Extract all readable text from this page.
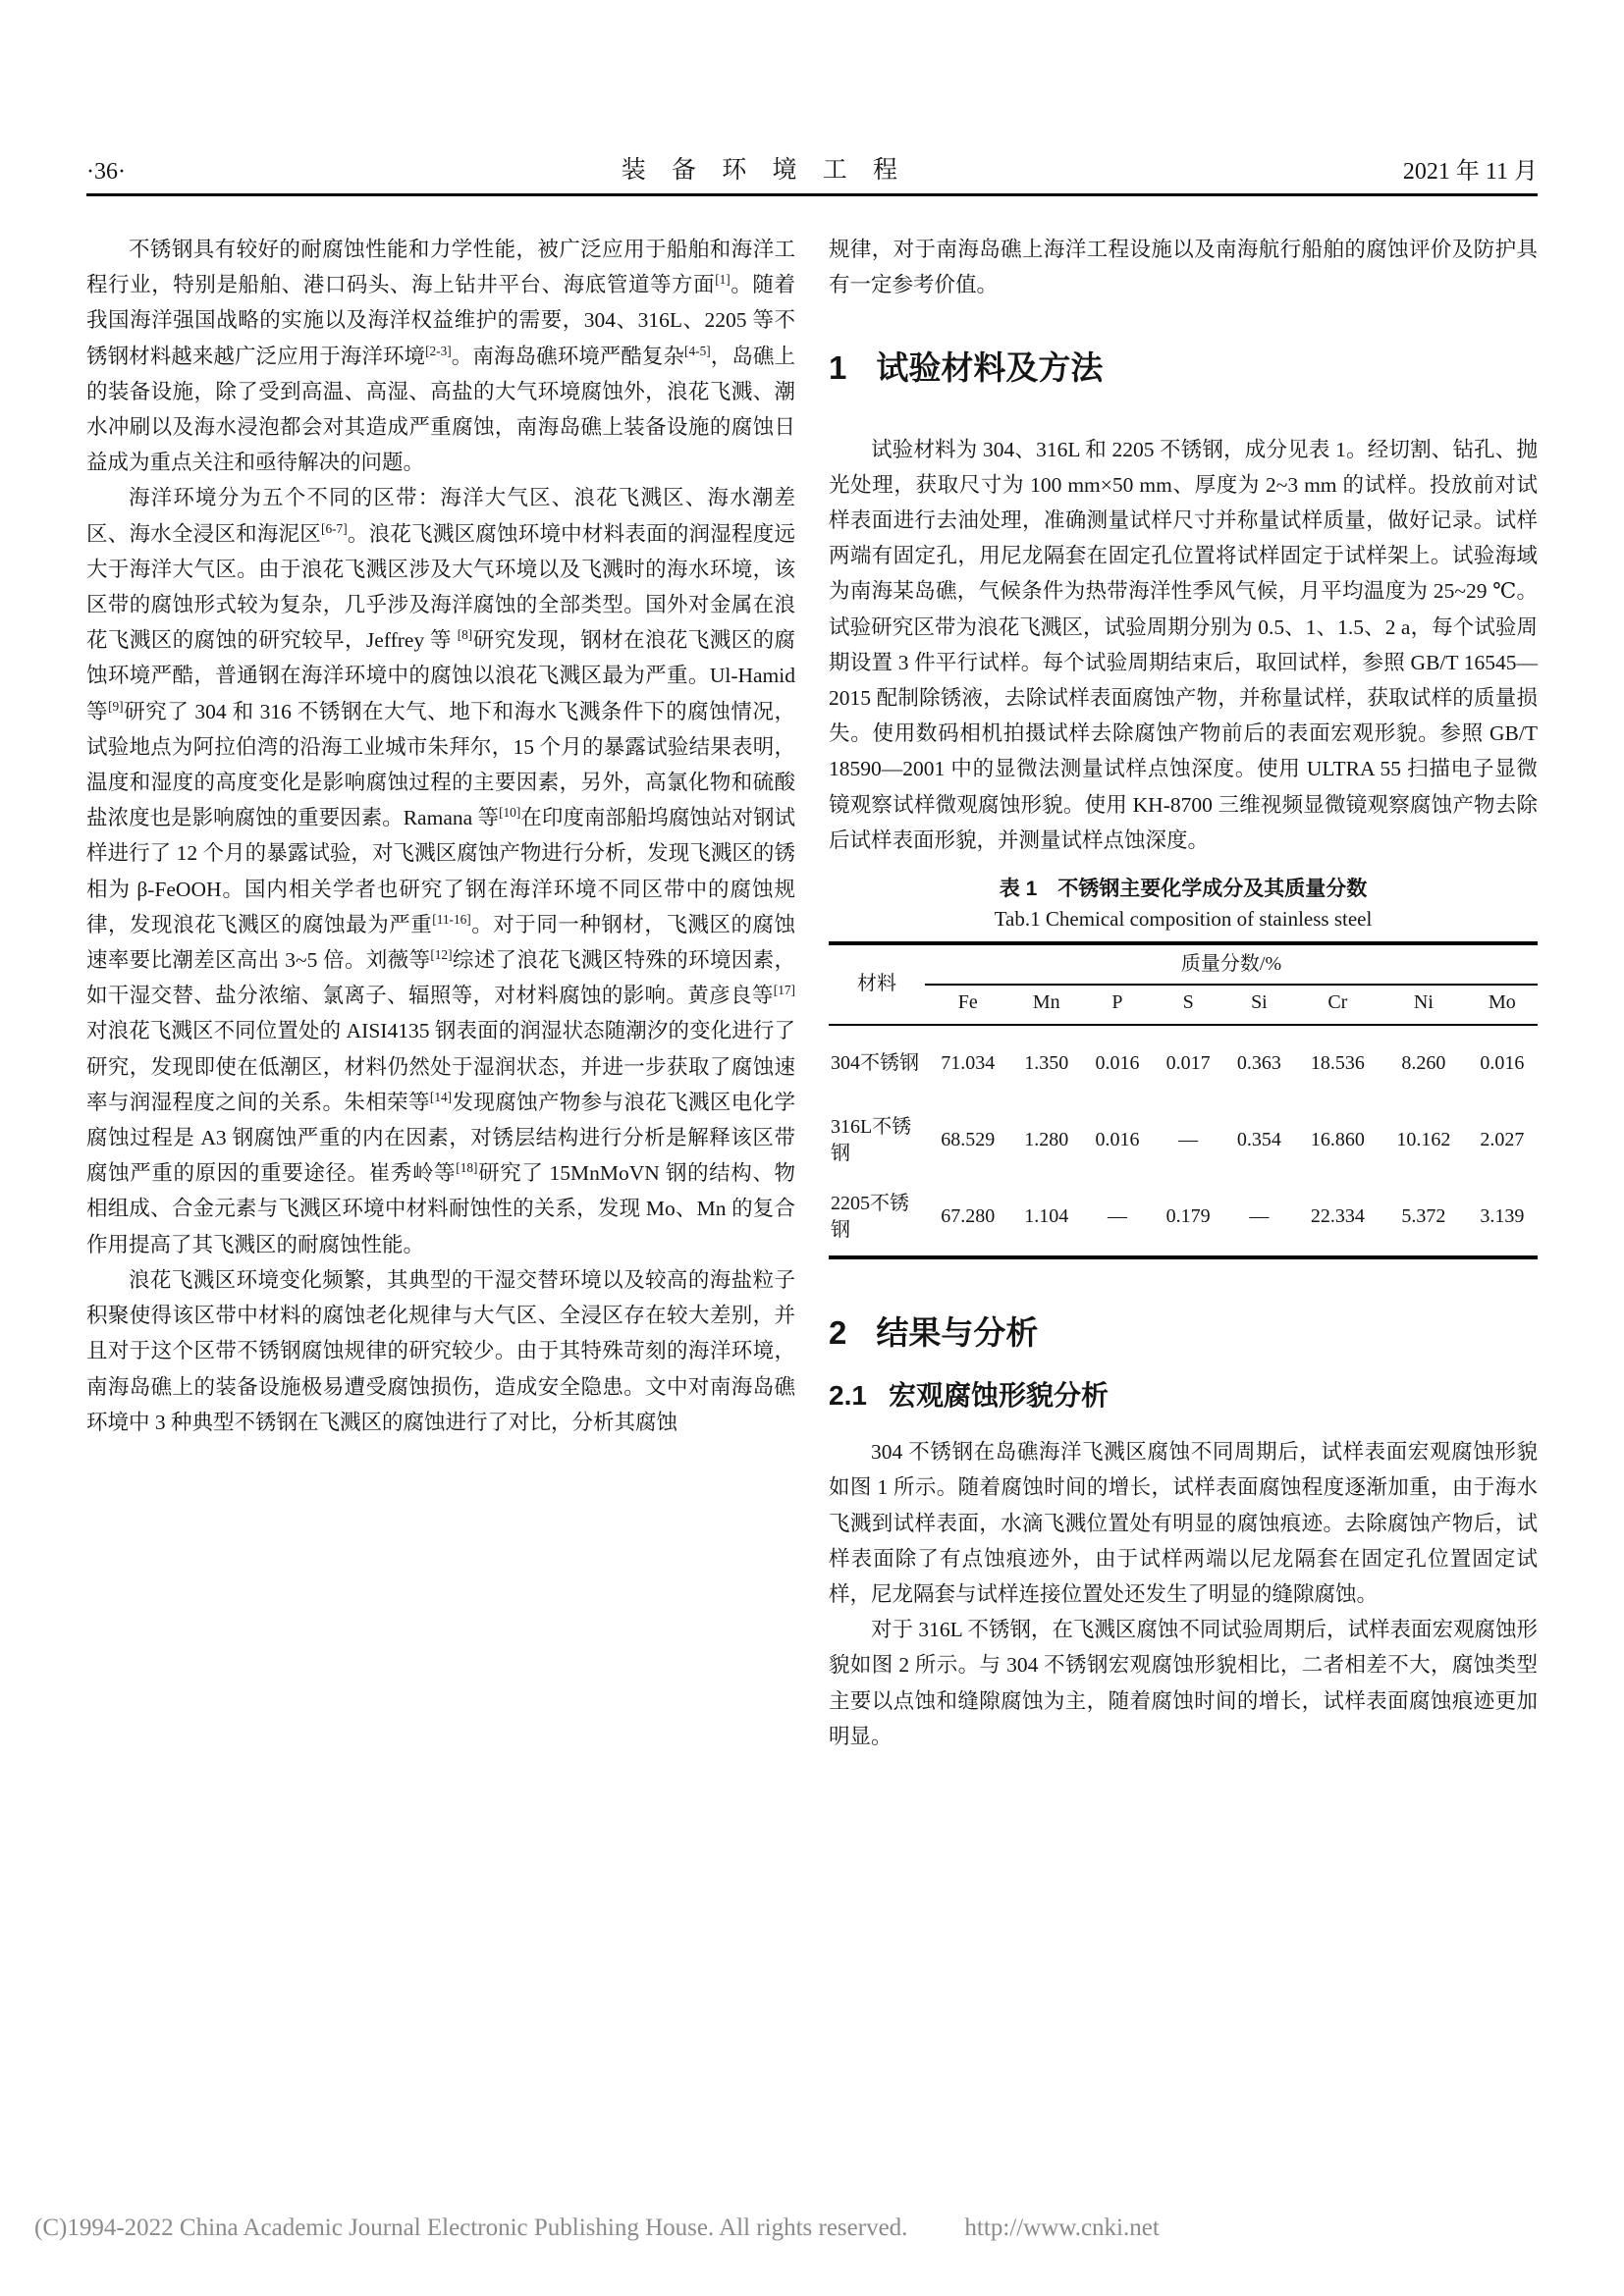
·36·	装 备 环 境 工 程	2021 年 11 月

不锈钢具有较好的耐腐蚀性能和力学性能，被广泛应用于船舶和海洋工程行业，特别是船舶、港口码头、海上钻井平台、海底管道等方面[1]。随着我国海洋强国战略的实施以及海洋权益维护的需要，304、316L、2205 等不锈钢材料越来越广泛应用于海洋环境[2-3]。南海岛礁环境严酷复杂[4-5]，岛礁上的装备设施，除了受到高温、高湿、高盐的大气环境腐蚀外，浪花飞溅、潮水冲刷以及海水浸泡都会对其造成严重腐蚀，南海岛礁上装备设施的腐蚀日益成为重点关注和亟待解决的问题。

海洋环境分为五个不同的区带：海洋大气区、浪花飞溅区、海水潮差区、海水全浸区和海泥区[6-7]。浪花飞溅区腐蚀环境中材料表面的润湿程度远大于海洋大气区。由于浪花飞溅区涉及大气环境以及飞溅时的海水环境，该区带的腐蚀形式较为复杂，几乎涉及海洋腐蚀的全部类型。国外对金属在浪花飞溅区的腐蚀的研究较早，Jeffrey 等 [8]研究发现，钢材在浪花飞溅区的腐蚀环境严酷，普通钢在海洋环境中的腐蚀以浪花飞溅区最为严重。Ul-Hamid 等[9]研究了 304 和 316 不锈钢在大气、地下和海水飞溅条件下的腐蚀情况，试验地点为阿拉伯湾的沿海工业城市朱拜尔，15 个月的暴露试验结果表明，温度和湿度的高度变化是影响腐蚀过程的主要因素，另外，高氯化物和硫酸盐浓度也是影响腐蚀的重要因素。Ramana 等[10]在印度南部船坞腐蚀站对钢试样进行了 12 个月的暴露试验，对飞溅区腐蚀产物进行分析，发现飞溅区的锈相为 β-FeOOH。国内相关学者也研究了钢在海洋环境不同区带中的腐蚀规律，发现浪花飞溅区的腐蚀最为严重[11-16]。对于同一种钢材，飞溅区的腐蚀速率要比潮差区高出 3~5 倍。刘薇等[12]综述了浪花飞溅区特殊的环境因素，如干湿交替、盐分浓缩、氯离子、辐照等，对材料腐蚀的影响。黄彦良等[17]对浪花飞溅区不同位置处的 AISI4135 钢表面的润湿状态随潮汐的变化进行了研究，发现即使在低潮区，材料仍然处于湿润状态，并进一步获取了腐蚀速率与润湿程度之间的关系。朱相荣等[14]发现腐蚀产物参与浪花飞溅区电化学腐蚀过程是 A3 钢腐蚀严重的内在因素，对锈层结构进行分析是解释该区带腐蚀严重的原因的重要途径。崔秀岭等[18]研究了 15MnMoVN 钢的结构、物相组成、合金元素与飞溅区环境中材料耐蚀性的关系，发现 Mo、Mn 的复合作用提高了其飞溅区的耐腐蚀性能。

浪花飞溅区环境变化频繁，其典型的干湿交替环境以及较高的海盐粒子积聚使得该区带中材料的腐蚀老化规律与大气区、全浸区存在较大差别，并且对于这个区带不锈钢腐蚀规律的研究较少。由于其特殊苛刻的海洋环境，南海岛礁上的装备设施极易遭受腐蚀损伤，造成安全隐患。文中对南海岛礁环境中 3 种典型不锈钢在飞溅区的腐蚀进行了对比，分析其腐蚀

规律，对于南海岛礁上海洋工程设施以及南海航行船舶的腐蚀评价及防护具有一定参考价值。

1 试验材料及方法

试验材料为 304、316L 和 2205 不锈钢，成分见表 1。经切割、钻孔、抛光处理，获取尺寸为 100 mm×50 mm、厚度为 2~3 mm 的试样。投放前对试样表面进行去油处理，准确测量试样尺寸并称量试样质量，做好记录。试样两端有固定孔，用尼龙隔套在固定孔位置将试样固定于试样架上。试验海域为南海某岛礁，气候条件为热带海洋性季风气候，月平均温度为 25~29 ℃。试验研究区带为浪花飞溅区，试验周期分别为 0.5、1、1.5、2 a，每个试验周期设置 3 件平行试样。每个试验周期结束后，取回试样，参照 GB/T 16545—2015 配制除锈液，去除试样表面腐蚀产物，并称量试样，获取试样的质量损失。使用数码相机拍摄试样去除腐蚀产物前后的表面宏观形貌。参照 GB/T 18590—2001 中的显微法测量试样点蚀深度。使用 ULTRA 55 扫描电子显微镜观察试样微观腐蚀形貌。使用 KH-8700 三维视频显微镜观察腐蚀产物去除后试样表面形貌，并测量试样点蚀深度。

表 1　不锈钢主要化学成分及其质量分数
Tab.1 Chemical composition of stainless steel
材料	质量分数/%							
	Fe	Mn	P	S	Si	Cr	Ni	Mo
304不锈钢	71.034	1.350	0.016	0.017	0.363	18.536	8.260	0.016
316L不锈钢	68.529	1.280	0.016	—	0.354	16.860	10.162	2.027
2205不锈钢	67.280	1.104	—	0.179	—	22.334	5.372	3.139
2 结果与分析
2.1 宏观腐蚀形貌分析

304 不锈钢在岛礁海洋飞溅区腐蚀不同周期后，试样表面宏观腐蚀形貌如图 1 所示。随着腐蚀时间的增长，试样表面腐蚀程度逐渐加重，由于海水飞溅到试样表面，水滴飞溅位置处有明显的腐蚀痕迹。去除腐蚀产物后，试样表面除了有点蚀痕迹外，由于试样两端以尼龙隔套在固定孔位置固定试样，尼龙隔套与试样连接位置处还发生了明显的缝隙腐蚀。

对于 316L 不锈钢，在飞溅区腐蚀不同试验周期后，试样表面宏观腐蚀形貌如图 2 所示。与 304 不锈钢宏观腐蚀形貌相比，二者相差不大，腐蚀类型主要以点蚀和缝隙腐蚀为主，随着腐蚀时间的增长，试样表面腐蚀痕迹更加明显。

(C)1994-2022 China Academic Journal Electronic Publishing House. All rights reserved. http://www.cnki.net
